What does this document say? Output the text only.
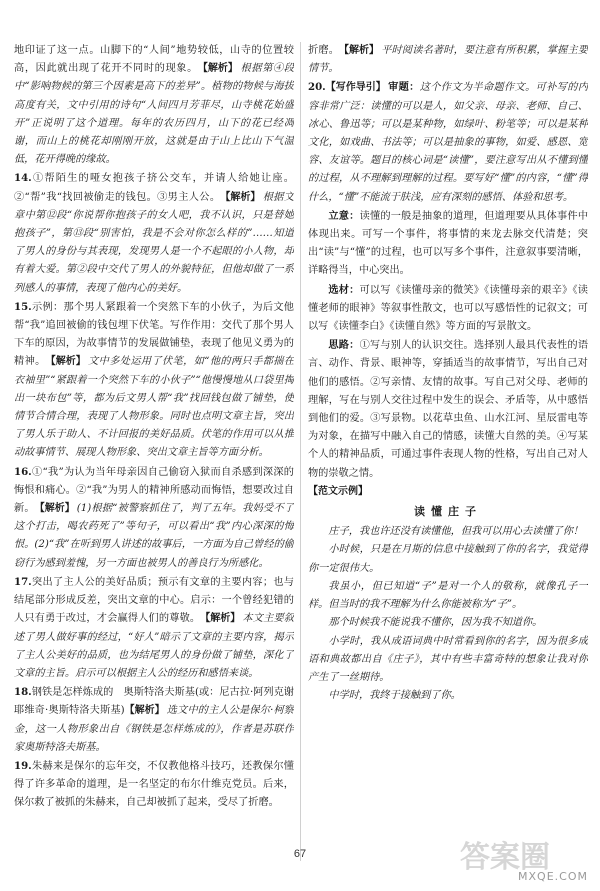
地印证了这一点。山脚下的“人间”地势较低，山寺的位置较高，因此就出现了花开不同时的现象。【解析】 根据第④段中“影响物候的第三个因素是高下的差异”。植物的物候与海拔高度有关，文中引用的诗句“人间四月芳菲尽，山寺桃花始盛开”正说明了这个道理。每年的农历四月，山下的花已经凋谢，而山上的桃花却刚刚开放，这就是由于山上比山下气温低，花开得晚的缘故。

14.①帮陌生的哑女抱孩子挤公交车，并请人给她让座。②“帮”我“找回被偷走的钱包。③男主人公。【解析】 根据文章中第⑫段“你说帮你抱孩子的女人吧，我不认识，只是替她抱孩子”，第⑬段“别害怕，我是不会对你怎么样的”……知道了男人的身份与其表现，发现男人是一个不起眼的小人物，却有着大爱。第②段中交代了男人的外貌特征，但他却做了一系列感人的事情，表现了他内心的美好。

15.示例：那个男人紧跟着一个突然下车的小伙子，为后文他帮“我”追回被偷的钱包埋下伏笔。写作作用：交代了那个男人下车的原因，为故事情节的发展做铺垫，表现了他见义勇为的精神。【解析】 文中多处运用了伏笔，如“他的两只手都揣在衣袖里”“紧跟着一个突然下车的小伙子”“他慢慢地从口袋里掏出一块布包”等，都为后文男人帮“我”找回钱包做了铺垫，使情节合情合理，表现了人物形象。同时也点明文章主旨，突出了男人乐于助人、不计回报的美好品质。伏笔的作用可以从推动故事情节、展现人物形象、突出文章主旨等方面分析。

16.①“我”为认为当年母亲因自己偷窃入狱而自杀感到深深的悔恨和痛心。②“我”为男人的精神所感动而悔悟，想要改过自新。【解析】 (1)根据“被警察抓住了，判了五年。我妈受不了这个打击，喝农药死了”等句子，可以看出“我”内心深深的悔恨。(2)“我”在听到男人讲述的故事后，一方面为自己曾经的偷窃行为感到羞愧，另一方面也被男人的善良行为所感化。

17.突出了主人公的美好品质；预示有文章的主要内容；也与结尾部分形成反差，突出文章的中心。启示：一个曾经犯错的人只有勇于改过，才会赢得人们的尊敬。【解析】 本文主要叙述了男人做好事的经过，“好人”暗示了文章的主要内容，揭示了主人公美好的品质，也为结尾男人的身份做了铺垫，深化了文章的主旨。启示可以根据主人公的经历和感悟来谈。

18.钢铁是怎样炼成的　奥斯特洛夫斯基(或：尼古拉·阿列克谢耶维奇·奥斯特洛夫斯基)【解析】 选文中的主人公是保尔·柯察金，这一人物形象出自《钢铁是怎样炼成的》，作者是苏联作家奥斯特洛夫斯基。

19.朱赫来是保尔的忘年交，不仅教他格斗技巧，还教保尔懂得了许多革命的道理，是一名坚定的布尔什维克党员。后来，保尔救了被抓的朱赫来，自己却被抓了起来，受尽了折磨。

折磨。【解析】 平时阅读名著时，要注意有所积累，掌握主要情节。

20.【写作导引】 审题：这个作文为半命题作文。可补写的内容非常广泛：读懂的可以是人，如父亲、母亲、老师、自己、冰心、鲁迅等；可以是某种物，如绿叶、粉笔等；可以是某种文化，如戏曲、书法等；可以是抽象的事物，如爱、感恩、宽容、友谊等。题目的核心词是“读懂”，要注意写出从不懂到懂的过程，从不理解到理解的过程。要写好“懂”的内容，“懂”得什么，“懂”不能流于肤浅，应有深刻的感悟、体验和思考。

立意：读懂的一般是抽象的道理，但道理要从具体事件中体现出来。可写一个事件，将事情的来龙去脉交代清楚；突出“读”与“懂”的过程，也可以写多个事件，注意叙事要清晰，详略得当，中心突出。

选材：可以写《读懂母亲的微笑》《读懂母亲的艰辛》《读懂老师的眼神》等叙事性散文，也可以写感悟性的记叙文；可以写《读懂李白》《读懂自然》等方面的写景散文。

思路：①写与别人的认识交往。选择别人最具代表性的语言、动作、背景、眼神等，穿插适当的故事情节，写出自己对他们的感悟。②写亲情、友情的故事。写自己对父母、老师的理解，写在与别人交往过程中发生的误会、矛盾等，从中感悟到他们的爱。③写景物。以花草虫鱼、山水江河、星辰雷电等为对象，在描写中融入自己的情感，读懂大自然的美。④写某个人的精神品质，可通过事件表现人物的性格，写出自己对人物的崇敬之情。

【范文示例】
读懂庄子

庄子，我也许还没有读懂他，但我可以用心去读懂了你！

小时候，只是在月斯的信息中接触到了你的名字，我觉得你一定很伟大。

我虽小，但已知道“子”是对一个人的敬称，就像孔子一样。但当时的我不理解为什么你能被称为“子”。

那个时候我不能说我不懂你，因为我不知道你。

小学时，我从成语词典中时常看到你的名字，因为很多成语和典故都出自《庄子》，其中有些丰富奇特的想象让我对你产生了一丝期待。

中学时，我终于接触到了你。

67	答案圈
MXQE.COM
